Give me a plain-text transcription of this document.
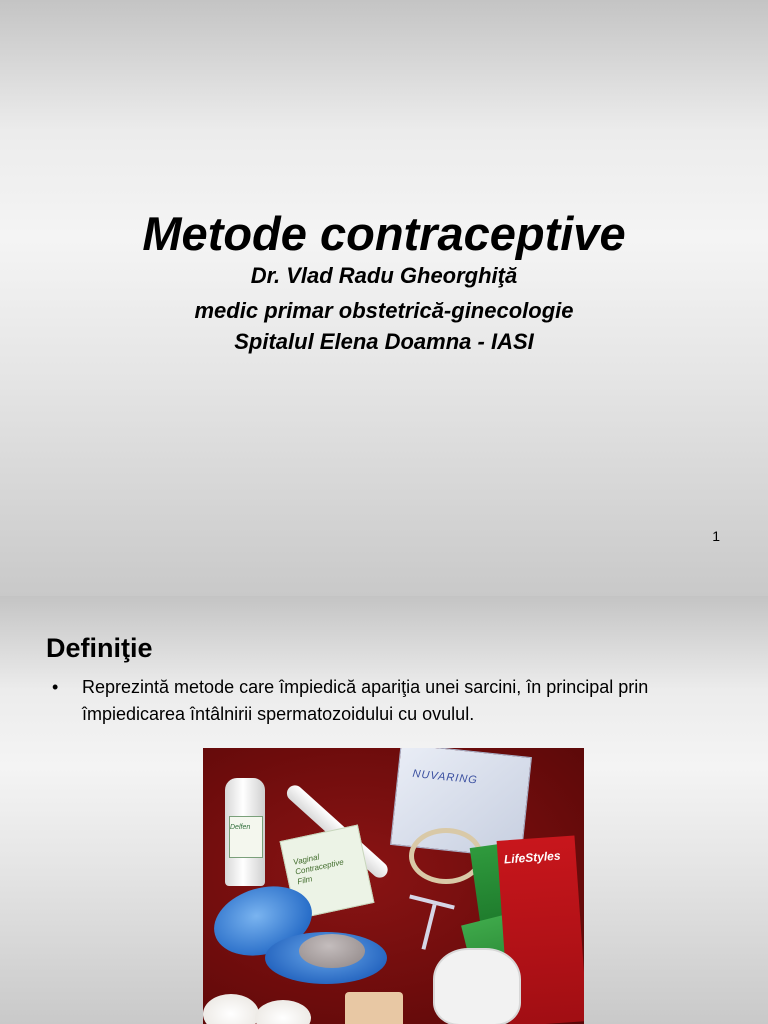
Metode contraceptive
Dr. Vlad Radu Gheorghiţă
medic primar obstetrică-ginecologie
Spitalul Elena Doamna - IASI
1
Definiţie
•	Reprezintă metode care împiedică apariţia unei sarcini, în principal prin împiedicarea întâlnirii spermatozoidului cu ovulul.
Delfen
Vaginal Contraceptive Film
NUVARING
LifeStyles
